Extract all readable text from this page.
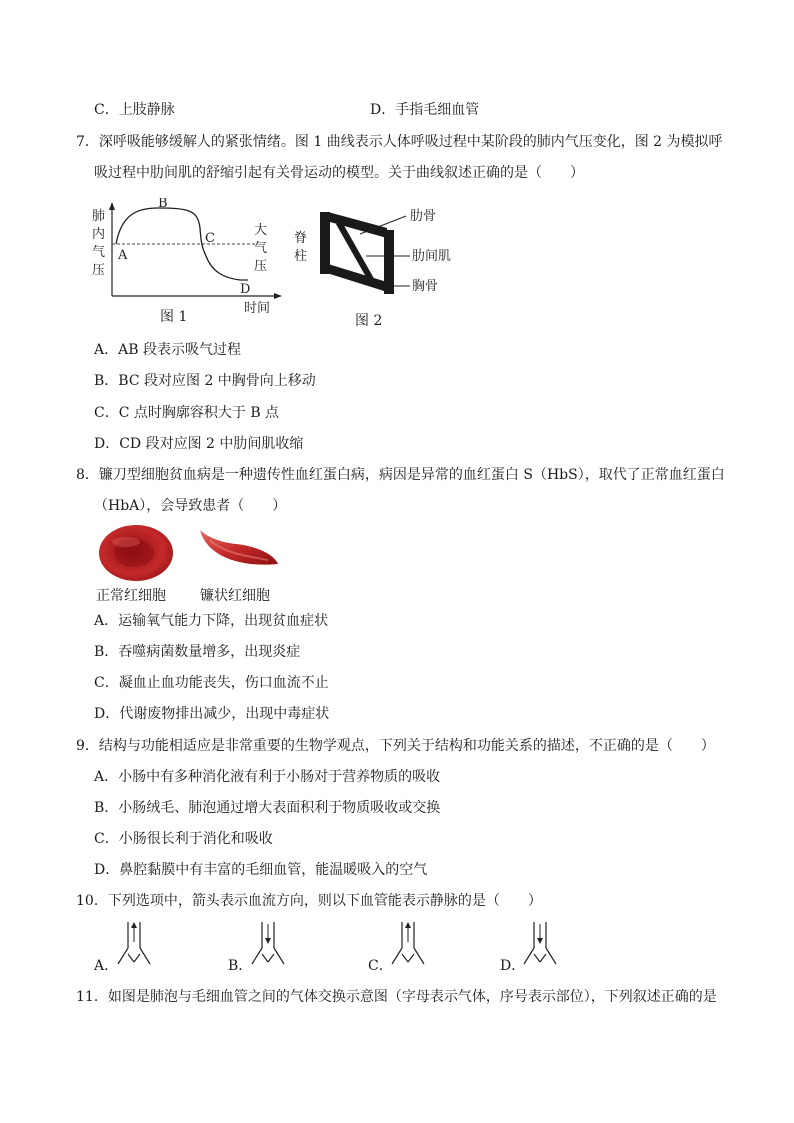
C．上肢静脉	D．手指毛细血管
7．深呼吸能够缓解人的紧张情绪。图 1 曲线表示人体呼吸过程中某阶段的肺内气压变化，图 2 为模拟呼
吸过程中肋间肌的舒缩引起有关骨运动的模型。关于曲线叙述正确的是（　　）
肺
内
气
压
大
气
压
A
B
C
D
时间
图 1
脊
柱
肋骨
肋间肌
胸骨
图 2
A．AB 段表示吸气过程
B．BC 段对应图 2 中胸骨向上移动
C．C 点时胸廓容积大于 B 点
D．CD 段对应图 2 中肋间肌收缩
8．镰刀型细胞贫血病是一种遗传性血红蛋白病，病因是异常的血红蛋白 S（HbS），取代了正常血红蛋白
（HbA），会导致患者（　　）
正常红细胞 镰状红细胞
A．运输氧气能力下降，出现贫血症状
B．吞噬病菌数量增多，出现炎症
C．凝血止血功能丧失，伤口血流不止
D．代谢废物排出减少，出现中毒症状
9．结构与功能相适应是非常重要的生物学观点，下列关于结构和功能关系的描述，不正确的是（　　）
A．小肠中有多种消化液有利于小肠对于营养物质的吸收
B．小肠绒毛、肺泡通过增大表面积利于物质吸收或交换
C．小肠很长利于消化和吸收
D．鼻腔黏膜中有丰富的毛细血管，能温暖吸入的空气
10．下列选项中，箭头表示血流方向，则以下血管能表示静脉的是（　　）
A．	B．	C．	D．
11．如图是肺泡与毛细血管之间的气体交换示意图（字母表示气体，序号表示部位），下列叙述正确的是
